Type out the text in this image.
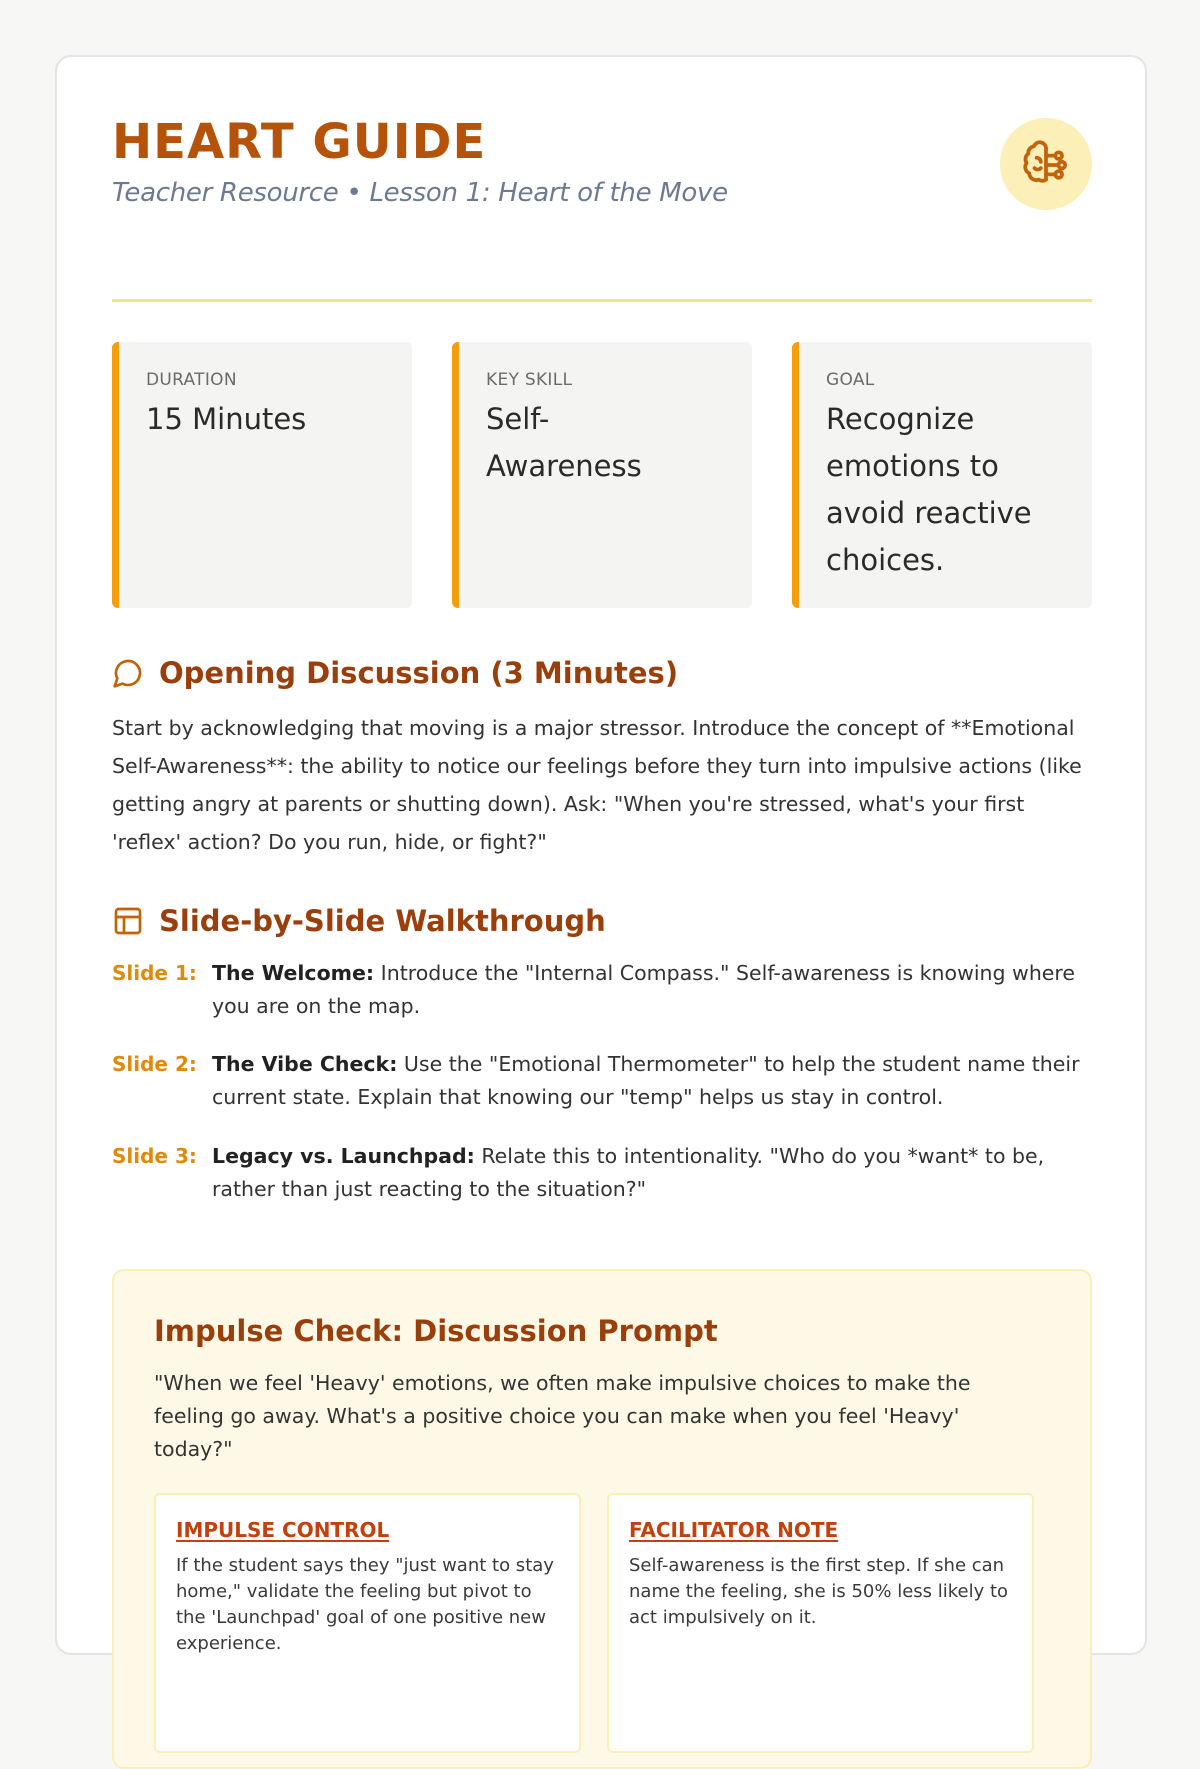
HEART GUIDE
Teacher Resource • Lesson 1: Heart of the Move
DURATION
15 Minutes
KEY SKILL
Self-Awareness
GOAL
Recognize emotions to avoid reactive choices.
Opening Discussion (3 Minutes)
Start by acknowledging that moving is a major stressor. Introduce the concept of **Emotional Self-Awareness**: the ability to notice our feelings before they turn into impulsive actions (like getting angry at parents or shutting down). Ask: "When you're stressed, what's your first 'reflex' action? Do you run, hide, or fight?"
Slide-by-Slide Walkthrough
Slide 1: The Welcome: Introduce the "Internal Compass." Self-awareness is knowing where you are on the map.
Slide 2: The Vibe Check: Use the "Emotional Thermometer" to help the student name their current state. Explain that knowing our "temp" helps us stay in control.
Slide 3: Legacy vs. Launchpad: Relate this to intentionality. "Who do you *want* to be, rather than just reacting to the situation?"
Impulse Check: Discussion Prompt
"When we feel 'Heavy' emotions, we often make impulsive choices to make the feeling go away. What's a positive choice you can make when you feel 'Heavy' today?"
IMPULSE CONTROL
If the student says they "just want to stay home," validate the feeling but pivot to the 'Launchpad' goal of one positive new experience.
FACILITATOR NOTE
Self-awareness is the first step. If she can name the feeling, she is 50% less likely to act impulsively on it.
